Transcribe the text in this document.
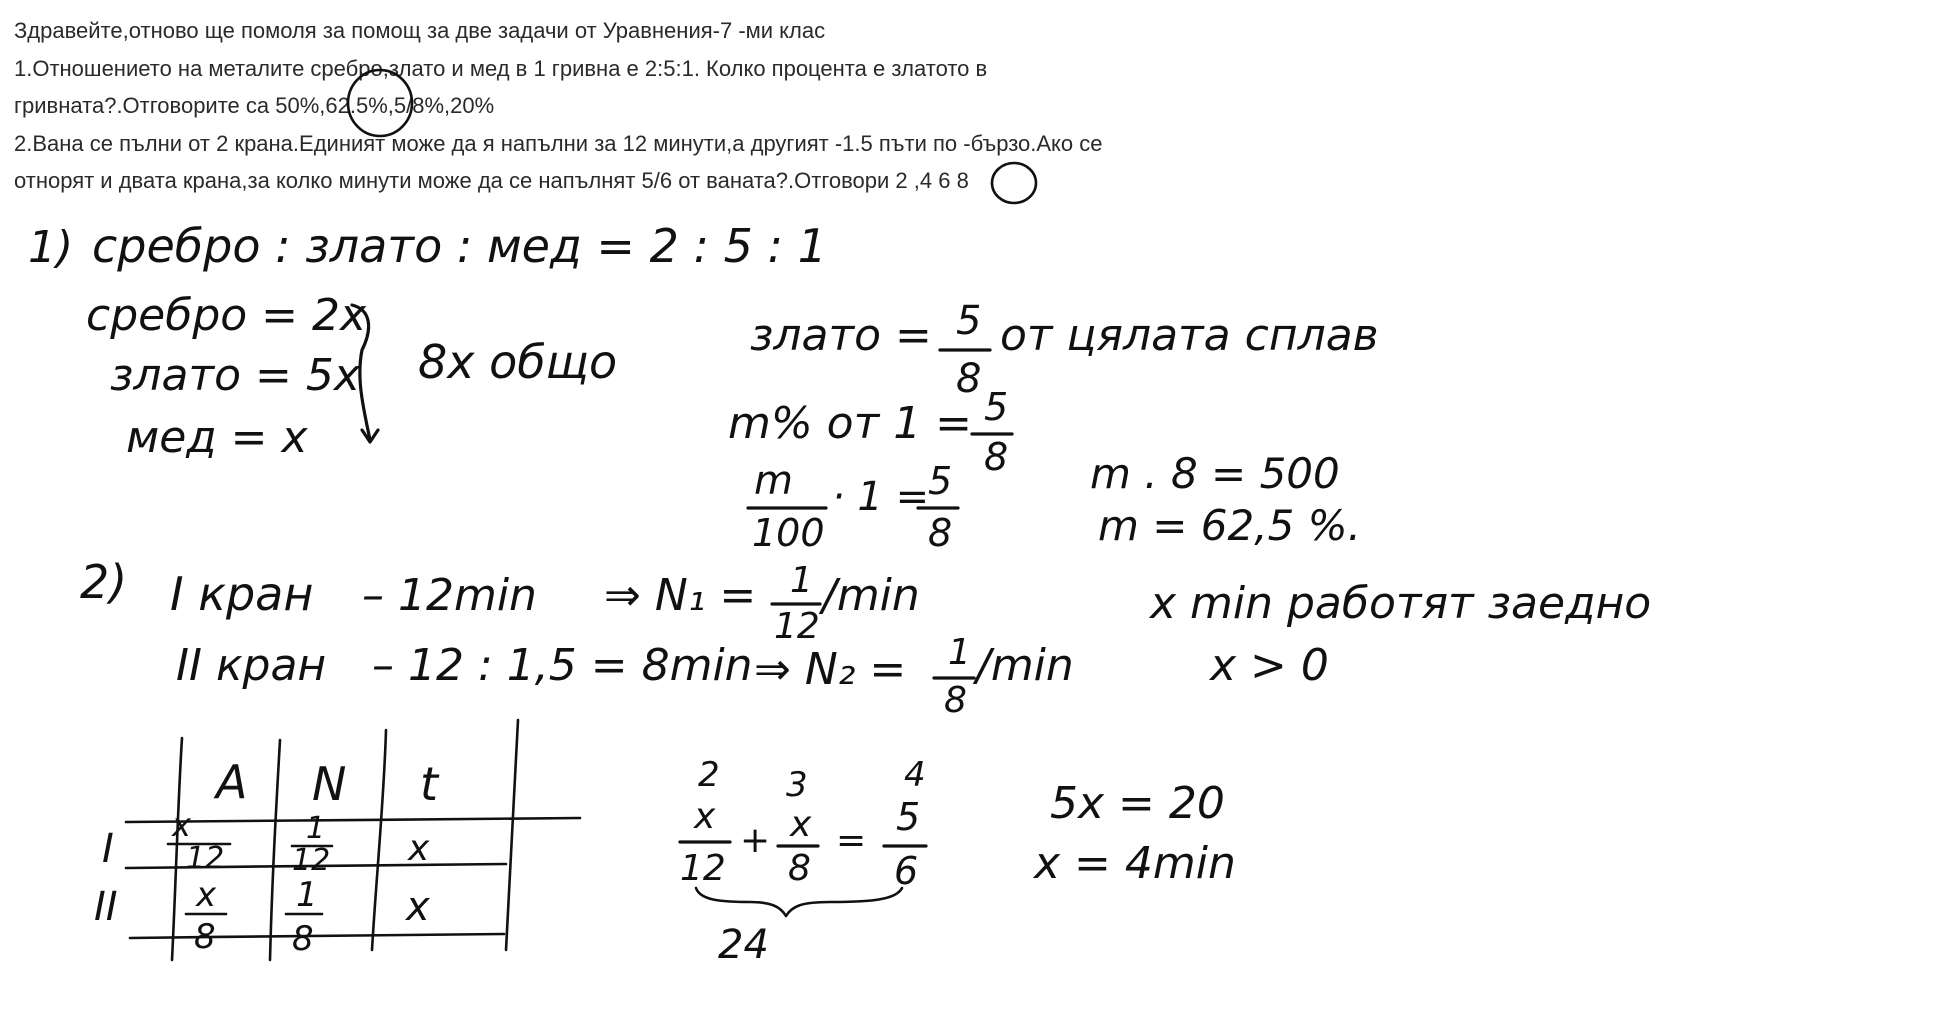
Здравейте,отново ще помоля за помощ за две задачи от Уравнения-7 -ми клас
1.Отношението на металите сребро,злато и мед в 1 гривна е 2:5:1. Колко процента е златото в
гривната?.Отговорите са 50%,62.5%,5/8%,20%
2.Вана се пълни от 2 крана.Единият може да я напълни за 12 минути,а другият -1.5 пъти по -бързо.Ако се
отнорят и двата крана,за колко минути може да се напълнят 5/6 от ваната?.Отговори 2 ,4 6 8
1) сребро : злато : мед = 2 : 5 : 1
сребро = 2x
злато = 5x
мед = x
8x общо	злато = 5
8
от цялата сплав
m% от 1 = 5
8
m
100
· 1 =
5
8
m . 8 = 500
m = 62,5 %.
2) I кран – 12min ⇒ N₁ = 1
12
/min
II кран – 12 : 1,5 = 8min ⇒ N₂ = 1
8
/min
x min работят заедно
x > 0
A N t
I
x
12
1
12 x
II x
8
1
8
x
2 3	4
x
12
+ x
8
=
5
6
24
5x = 20
x = 4min
